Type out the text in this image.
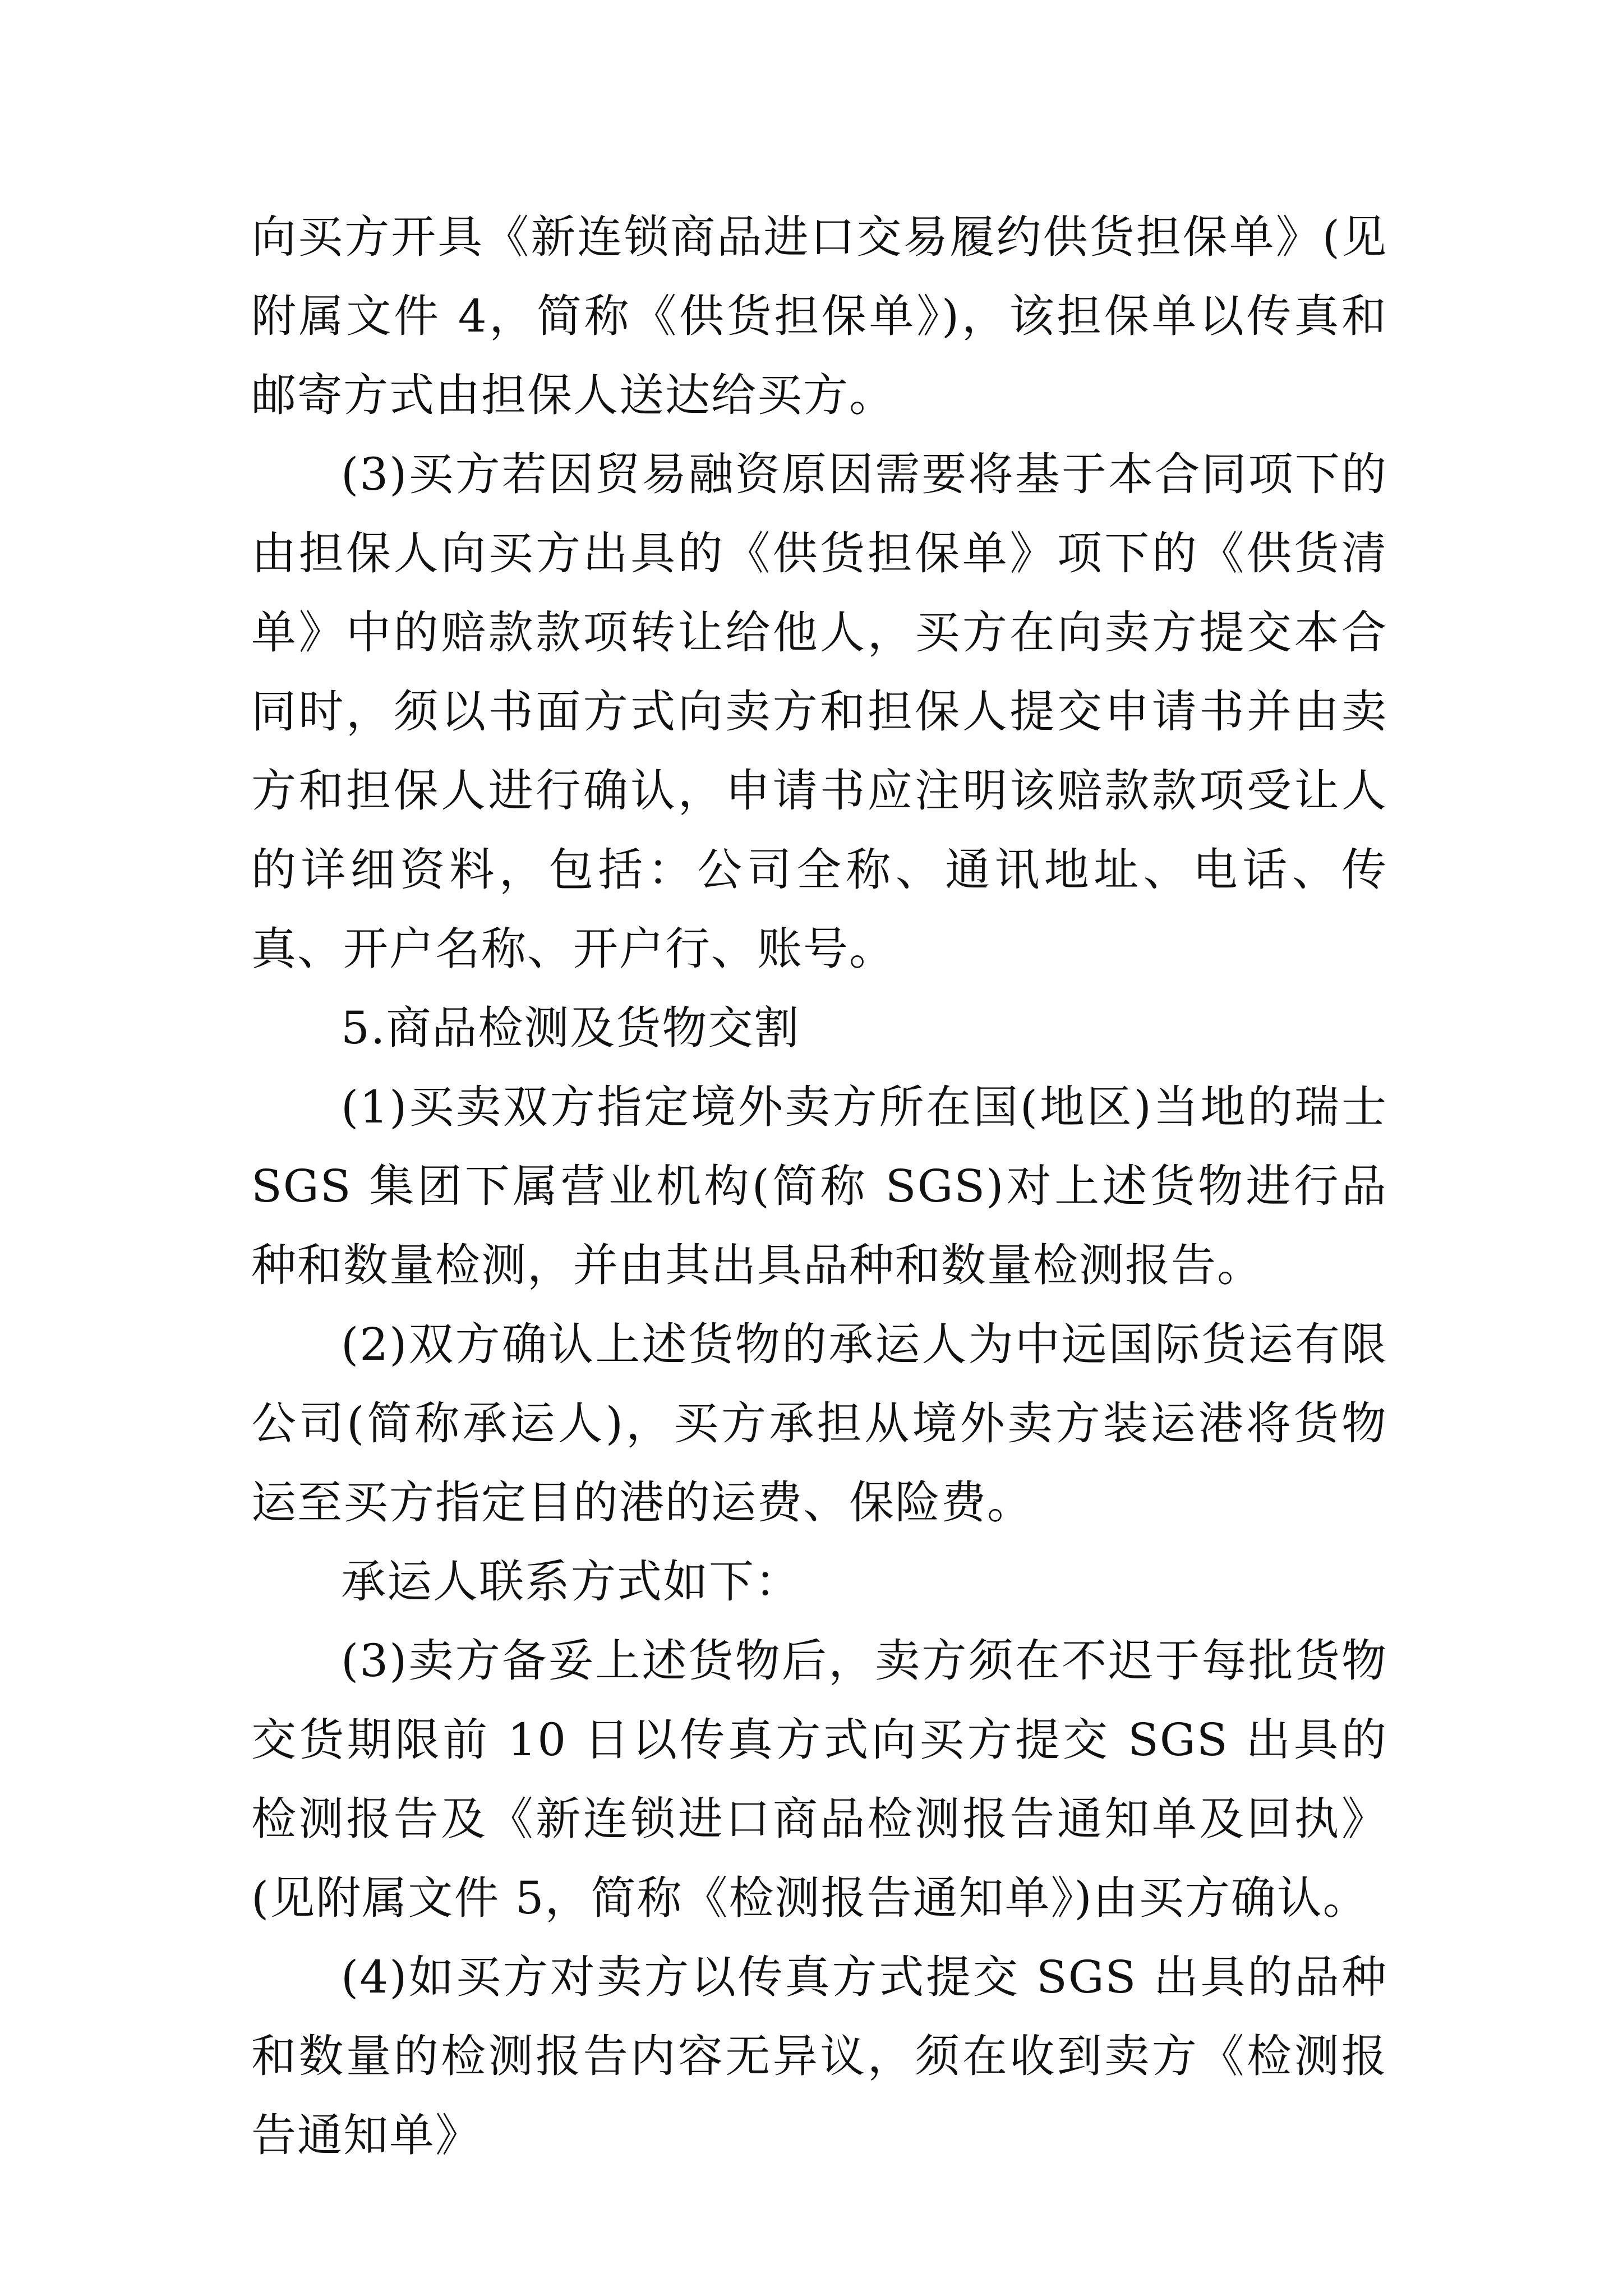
向买方开具《新连锁商品进口交易履约供货担保单》(见附属文件 4，简称《供货担保单》)，该担保单以传真和邮寄方式由担保人送达给买方。

(3)买方若因贸易融资原因需要将基于本合同项下的由担保人向买方出具的《供货担保单》项下的《供货清单》中的赔款款项转让给他人，买方在向卖方提交本合同时，须以书面方式向卖方和担保人提交申请书并由卖方和担保人进行确认，申请书应注明该赔款款项受让人的详细资料，包括：公司全称、通讯地址、电话、传真、开户名称、开户行、账号。

5.商品检测及货物交割

(1)买卖双方指定境外卖方所在国(地区)当地的瑞士 SGS 集团下属营业机构(简称 SGS)对上述货物进行品种和数量检测，并由其出具品种和数量检测报告。

(2)双方确认上述货物的承运人为中远国际货运有限公司(简称承运人)，买方承担从境外卖方装运港将货物运至买方指定目的港的运费、保险费。

承运人联系方式如下：

(3)卖方备妥上述货物后，卖方须在不迟于每批货物交货期限前 10 日以传真方式向买方提交 SGS 出具的检测报告及《新连锁进口商品检测报告通知单及回执》(见附属文件 5，简称《检测报告通知单》)由买方确认。

(4)如买方对卖方以传真方式提交 SGS 出具的品种和数量的检测报告内容无异议，须在收到卖方《检测报告通知单》
